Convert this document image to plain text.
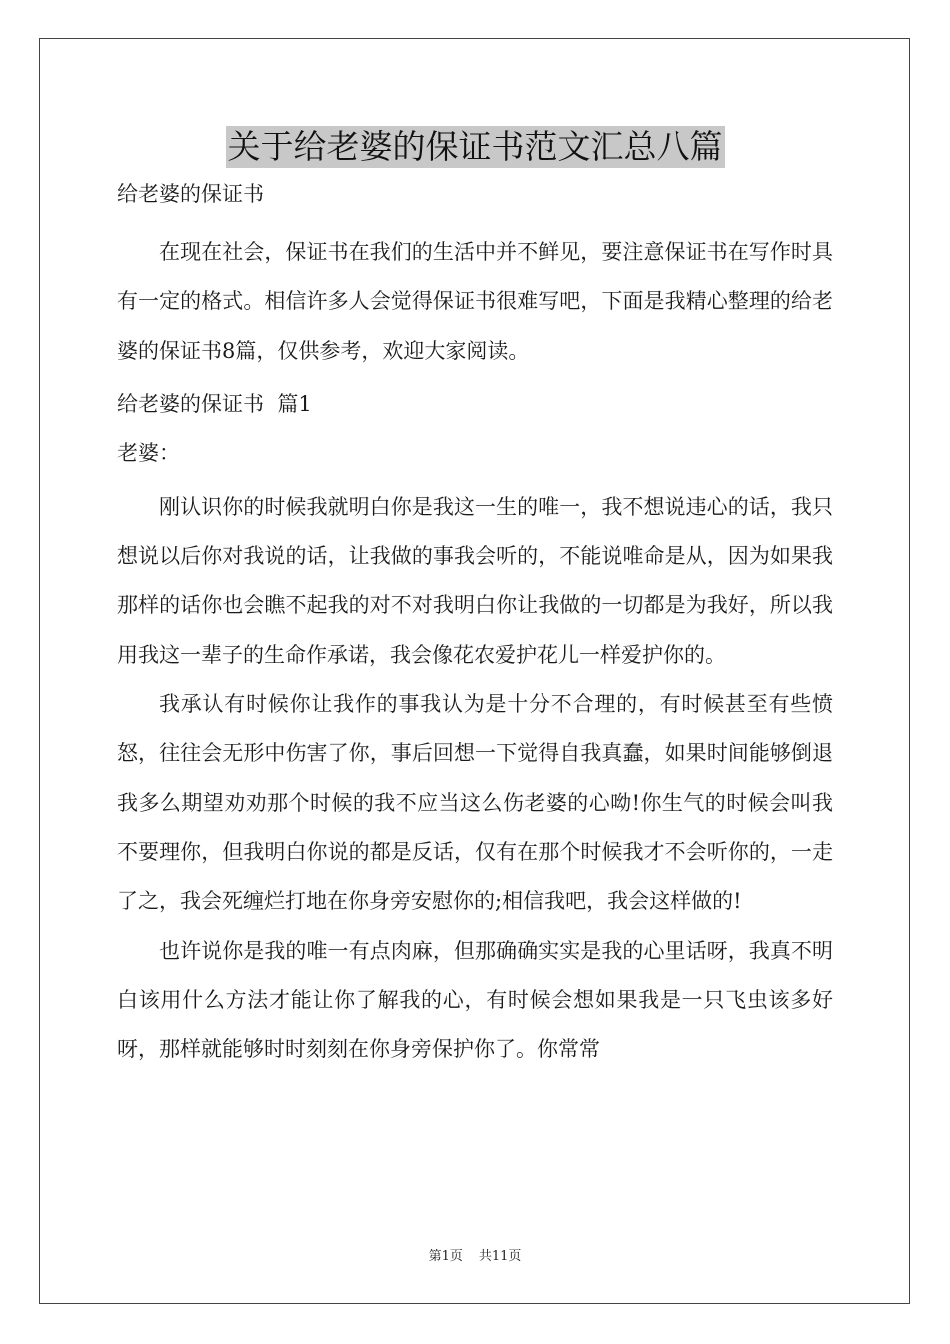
关于给老婆的保证书范文汇总八篇

给老婆的保证书

在现在社会，保证书在我们的生活中并不鲜见，要注意保证书在写作时具有一定的格式。相信许多人会觉得保证书很难写吧，下面是我精心整理的给老婆的保证书8篇，仅供参考，欢迎大家阅读。

给老婆的保证书  篇1

老婆：

刚认识你的时候我就明白你是我这一生的唯一，我不想说违心的话，我只想说以后你对我说的话，让我做的事我会听的，不能说唯命是从，因为如果我那样的话你也会瞧不起我的对不对我明白你让我做的一切都是为我好，所以我用我这一辈子的生命作承诺，我会像花农爱护花儿一样爱护你的。

我承认有时候你让我作的事我认为是十分不合理的，有时候甚至有些愤怒，往往会无形中伤害了你，事后回想一下觉得自我真蠢，如果时间能够倒退我多么期望劝劝那个时候的我不应当这么伤老婆的心呦!你生气的时候会叫我不要理你，但我明白你说的都是反话，仅有在那个时候我才不会听你的，一走了之，我会死缠烂打地在你身旁安慰你的;相信我吧，我会这样做的!

也许说你是我的唯一有点肉麻，但那确确实实是我的心里话呀，我真不明白该用什么方法才能让你了解我的心，有时候会想如果我是一只飞虫该多好呀，那样就能够时时刻刻在你身旁保护你了。你常常

第1页 共11页
